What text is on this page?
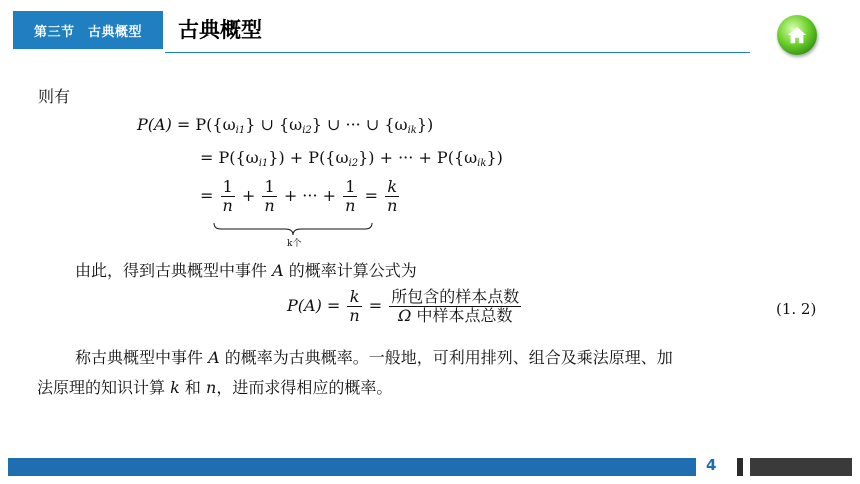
第三节　古典概型	古典概型
则有
$P(A) = P(\{\omega_{i1}\}$ ∪ $\{\omega_{i2}\}$ ∪ ··· ∪ $\{\omega_{ik}\}$)
= $P(\{\omega_{i1}\}) + P(\{\omega_{i2}\})$ + ··· + $P(\{\omega_{ik}\})$
= $\frac{1}{n} + \frac{1}{n}$ + ··· + $\frac{1}{n} = \frac{k}{n}$
k个
由此，得到古典概型中事件 A 的概率计算公式为
$P(A) = \frac{k}{n} = \frac{\text{所包含的样本点数}}{\text{Ω 中样本点总数}}$	(1. 2)
称古典概型中事件 A 的概率为古典概率。一般地，可利用排列、组合及乘法原理、加
法原理的知识计算 k 和 n，进而求得相应的概率。
4
